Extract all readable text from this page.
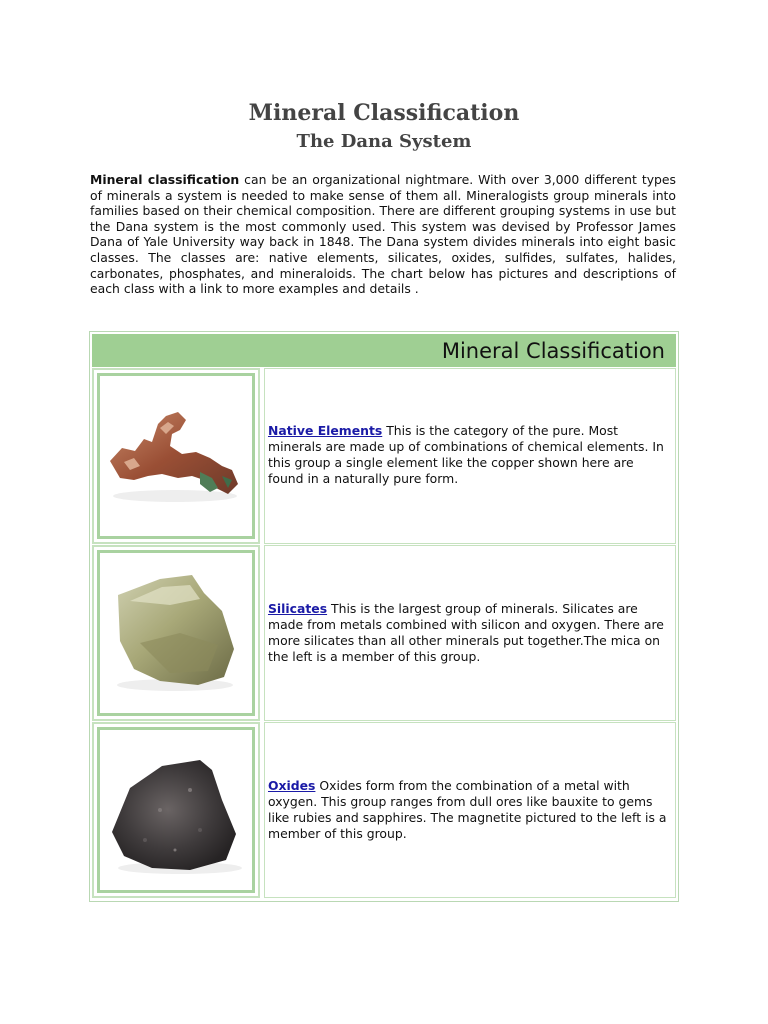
Mineral Classification
The Dana System
Mineral classification can be an organizational nightmare. With over 3,000 different types of minerals a system is needed to make sense of them all. Mineralogists group minerals into families based on their chemical composition. There are different grouping systems in use but the Dana system is the most commonly used. This system was devised by Professor James Dana of Yale University way back in 1848. The Dana system divides minerals into eight basic classes. The classes are: native elements, silicates, oxides, sulfides, sulfates, halides, carbonates, phosphates, and mineraloids. The chart below has pictures and descriptions of each class with a link to more examples and details .
Mineral Classification
Native Elements This is the category of the pure. Most minerals are made up of combinations of chemical elements. In this group a single element like the copper shown here are found in a naturally pure form.
Silicates This is the largest group of minerals. Silicates are made from metals combined with silicon and oxygen. There are more silicates than all other minerals put together.The mica on the left is a member of this group.
Oxides Oxides form from the combination of a metal with oxygen. This group ranges from dull ores like bauxite to gems like rubies and sapphires. The magnetite pictured to the left is a member of this group.
